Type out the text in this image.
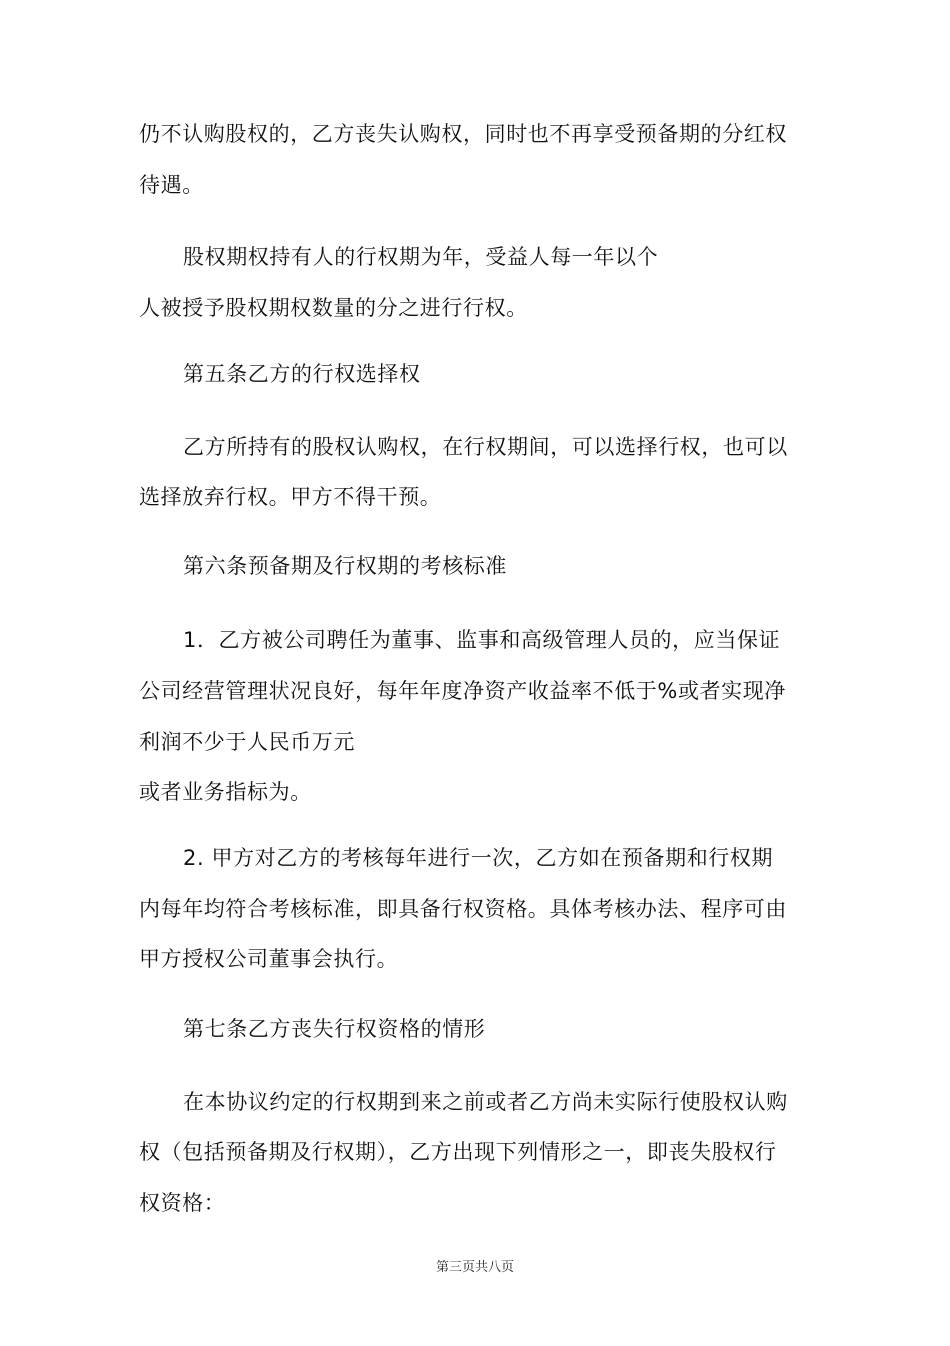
仍不认购股权的，乙方丧失认购权，同时也不再享受预备期的分红权
待遇。
股权期权持有人的行权期为年，受益人每一年以个
人被授予股权期权数量的分之进行行权。
第五条乙方的行权选择权
乙方所持有的股权认购权，在行权期间，可以选择行权，也可以
选择放弃行权。甲方不得干预。
第六条预备期及行权期的考核标准
1．乙方被公司聘任为董事、监事和高级管理人员的，应当保证
公司经营管理状况良好，每年年度净资产收益率不低于%或者实现净
利润不少于人民币万元
或者业务指标为。
2. 甲方对乙方的考核每年进行一次，乙方如在预备期和行权期
内每年均符合考核标准，即具备行权资格。具体考核办法、程序可由
甲方授权公司董事会执行。
第七条乙方丧失行权资格的情形
在本协议约定的行权期到来之前或者乙方尚未实际行使股权认购
权（包括预备期及行权期），乙方出现下列情形之一，即丧失股权行
权资格：
第三页共八页
